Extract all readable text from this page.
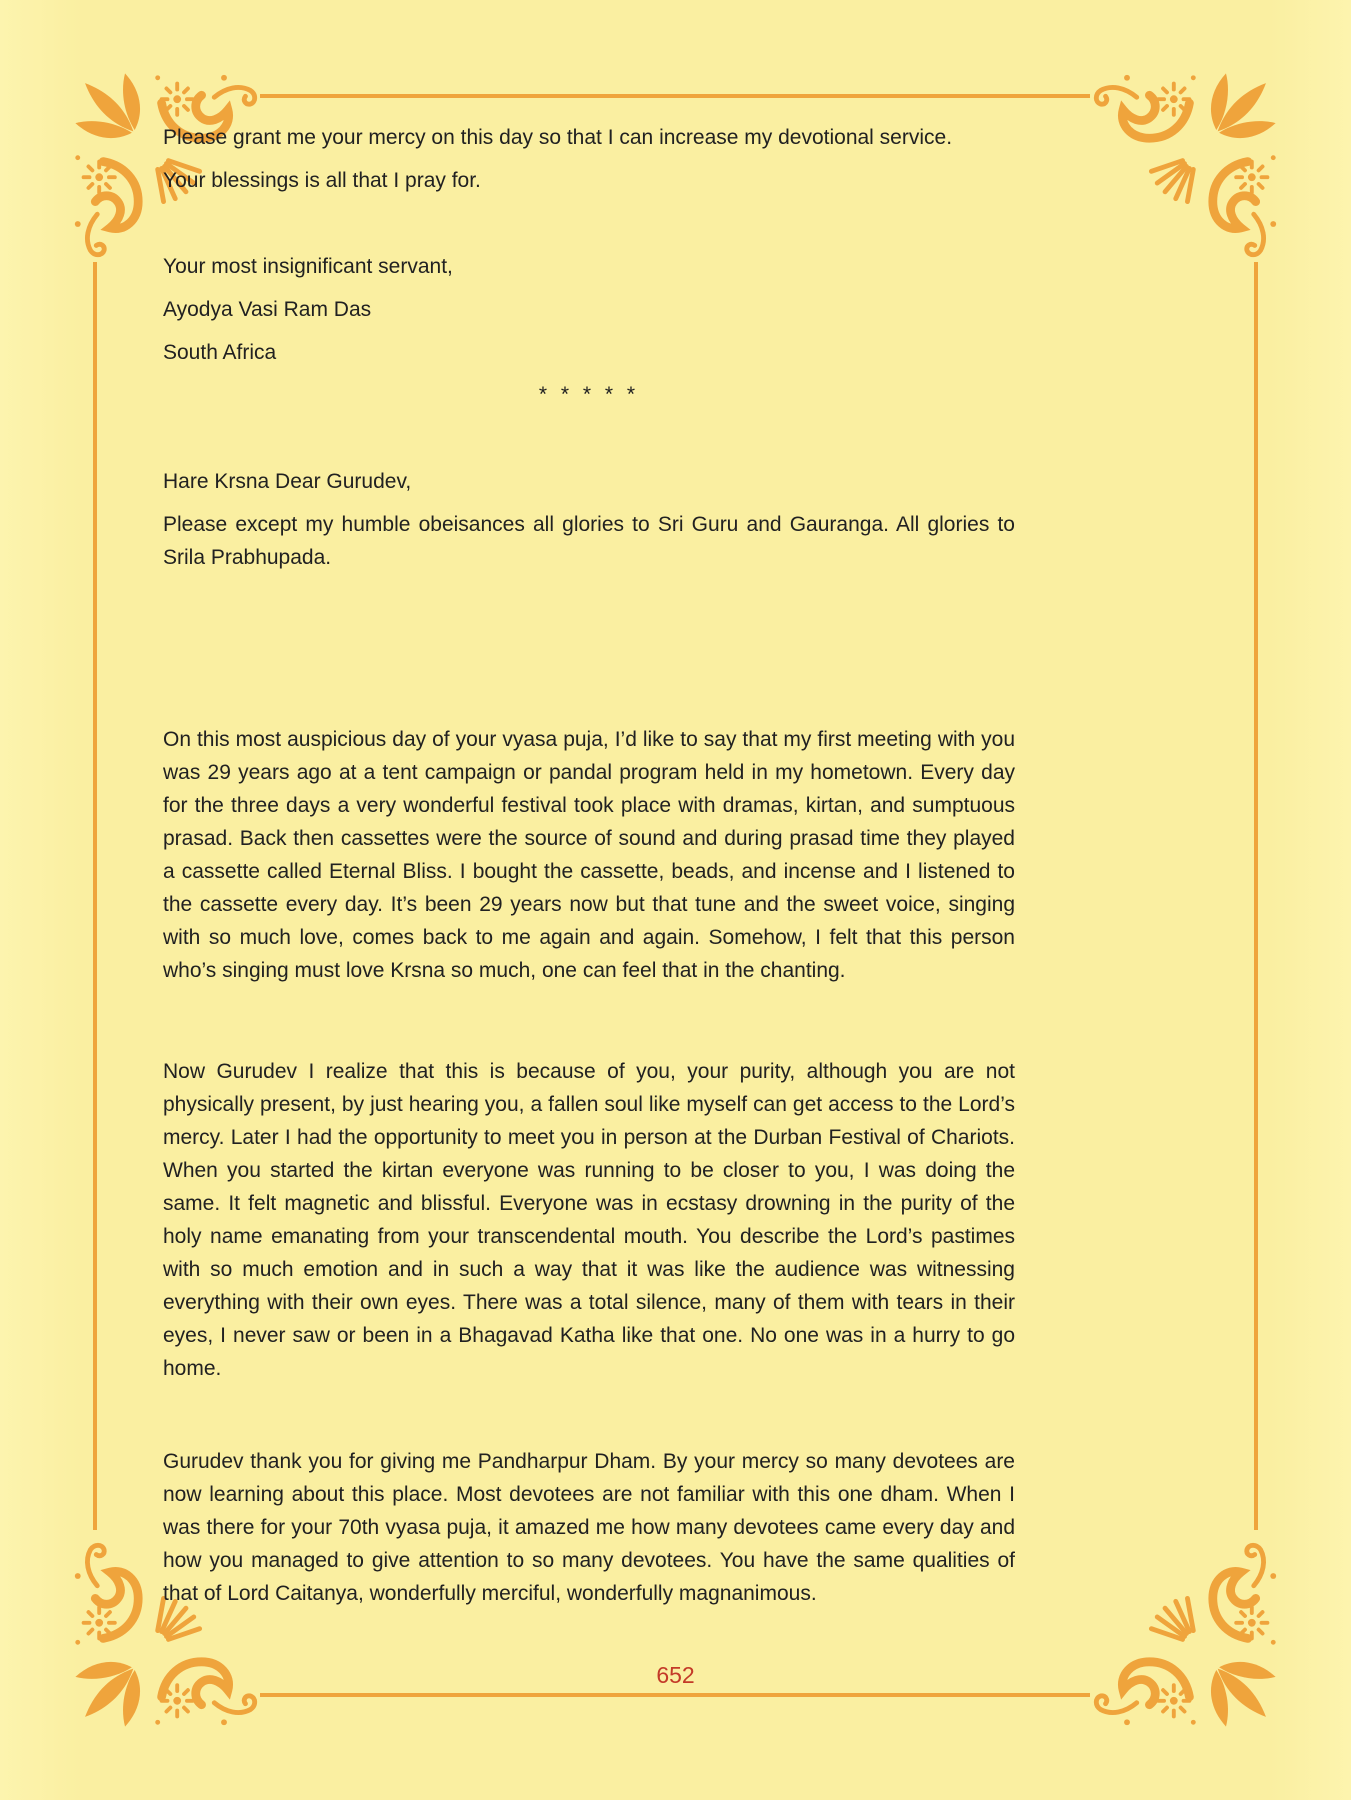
Please grant me your mercy on this day so that I can increase my devotional service.

Your blessings is all that I pray for.

Your most insignificant servant,

Ayodya Vasi Ram Das

South Africa

* * * * *

Hare Krsna Dear Gurudev,

Please except my humble obeisances all glories to Sri Guru and Gauranga. All glories to Srila Prabhupada.

On this most auspicious day of your vyasa puja, I’d like to say that my first meeting with you was 29 years ago at a tent campaign or pandal program held in my hometown. Every day for the three days a very wonderful festival took place with dramas, kirtan, and sumptuous prasad. Back then cassettes were the source of sound and during prasad time they played a cassette called Eternal Bliss. I bought the cassette, beads, and incense and I listened to the cassette every day. It’s been 29 years now but that tune and the sweet voice, singing with so much love, comes back to me again and again. Somehow, I felt that this person who’s singing must love Krsna so much, one can feel that in the chanting.

Now Gurudev I realize that this is because of you, your purity, although you are not physically present, by just hearing you, a fallen soul like myself can get access to the Lord’s mercy. Later I had the opportunity to meet you in person at the Durban Festival of Chariots. When you started the kirtan everyone was running to be closer to you, I was doing the same. It felt magnetic and blissful. Everyone was in ecstasy drowning in the purity of the holy name emanating from your transcendental mouth. You describe the Lord’s pastimes with so much emotion and in such a way that it was like the audience was witnessing everything with their own eyes. There was a total silence, many of them with tears in their eyes, I never saw or been in a Bhagavad Katha like that one. No one was in a hurry to go home.

Gurudev thank you for giving me Pandharpur Dham. By your mercy so many devotees are now learning about this place. Most devotees are not familiar with this one dham. When I was there for your 70th vyasa puja, it amazed me how many devotees came every day and how you managed to give attention to so many devotees. You have the same qualities of that of Lord Caitanya, wonderfully merciful, wonderfully magnanimous.

652
